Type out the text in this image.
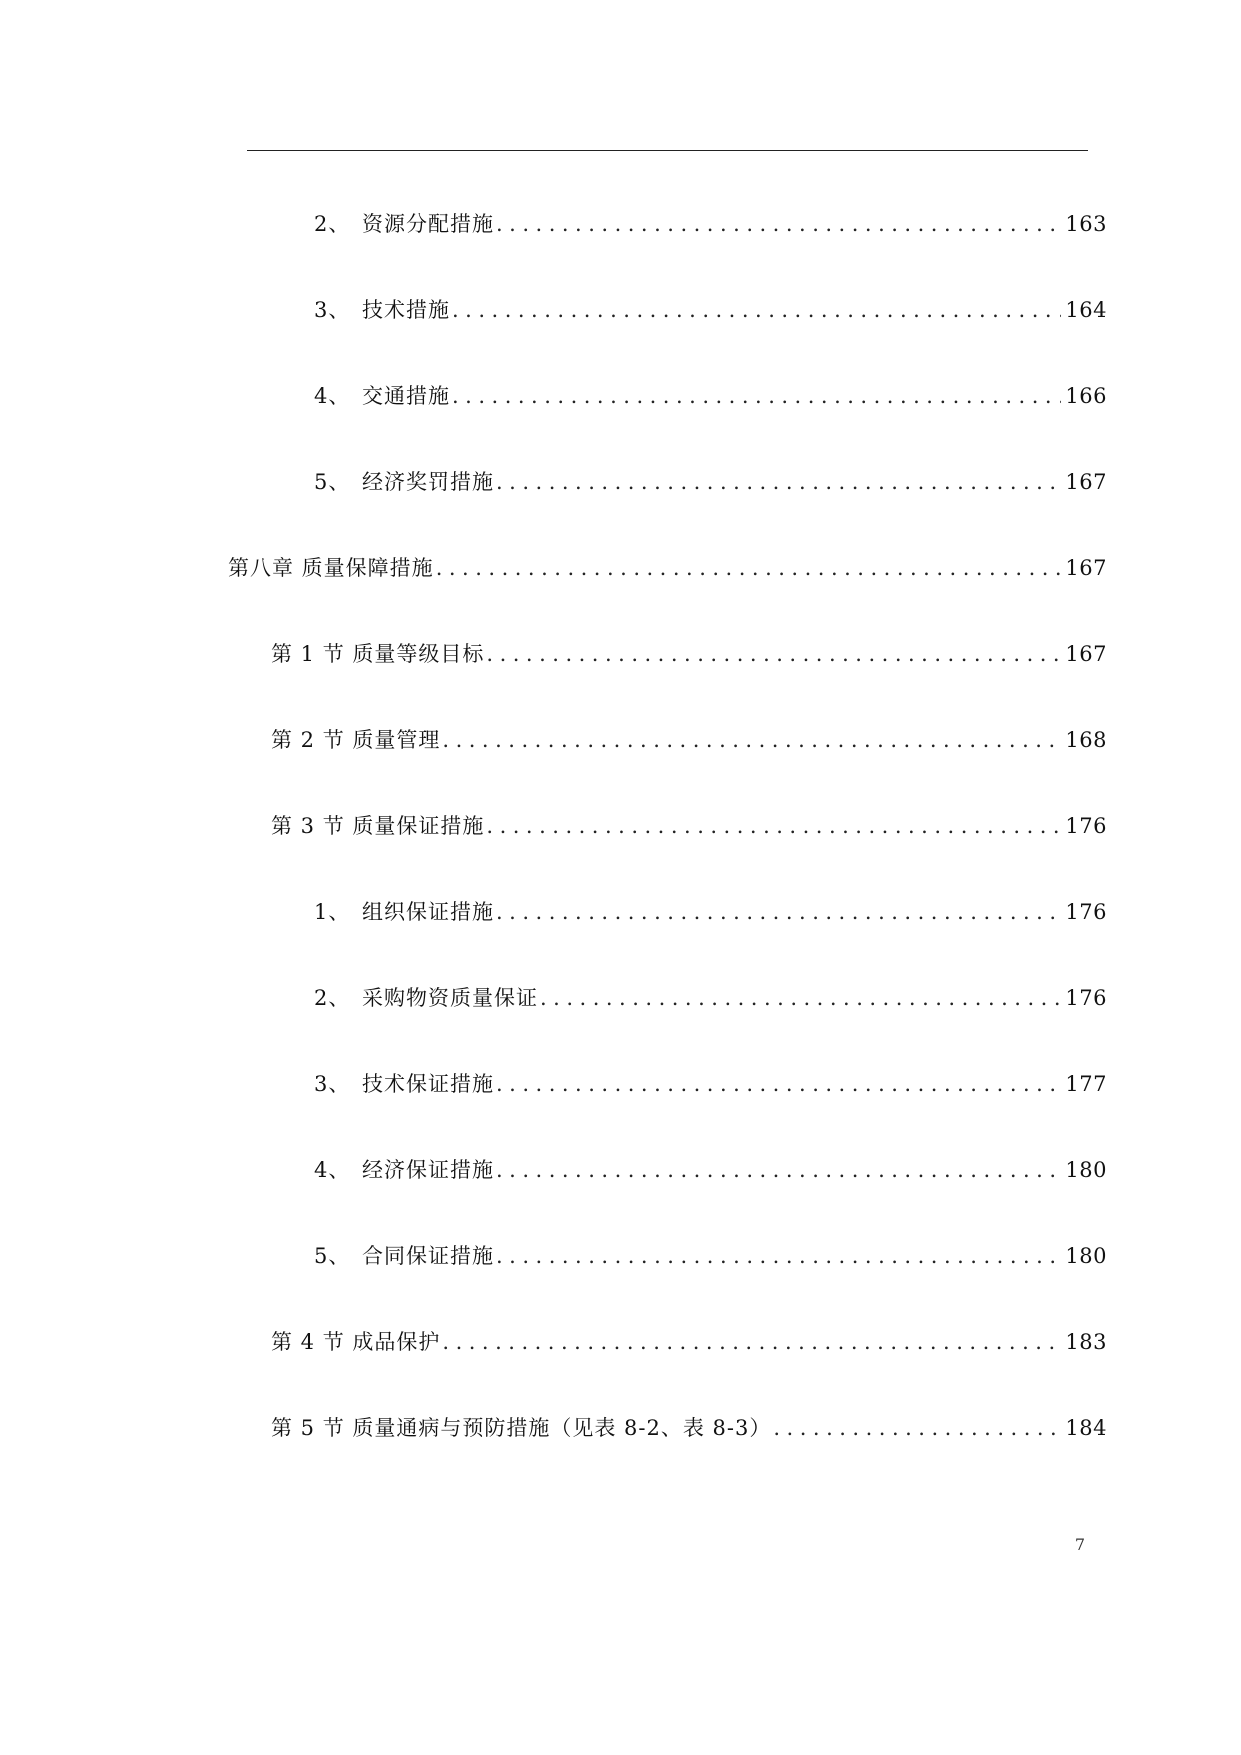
2、 资源分配措施 .....	163
3、 技术措施 .....	164
4、 交通措施 .....	166
5、 经济奖罚措施 .....	167
第八章 质量保障措施 .....	167
第 1 节 质量等级目标 .....	167
第 2 节 质量管理 .....	168
第 3 节 质量保证措施 .....	176
1、 组织保证措施 .....	176
2、 采购物资质量保证 .....	176
3、 技术保证措施 .....	177
4、 经济保证措施 .....	180
5、 合同保证措施 .....	180
第 4 节 成品保护 .....	183
第 5 节 质量通病与预防措施（见表 8-2、表 8-3） .....	184
7
